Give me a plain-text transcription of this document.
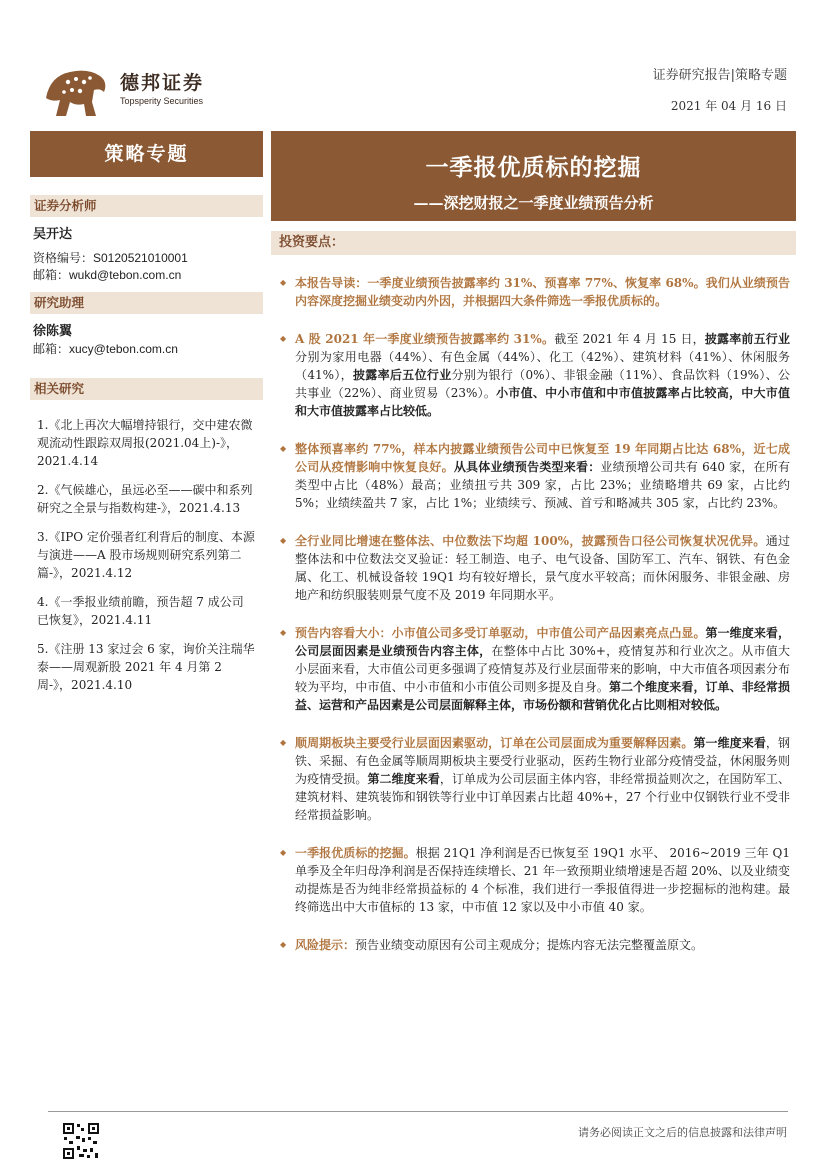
德邦证券
Topsperity Securities
证券研究报告|策略专题
2021 年 04 月 16 日
策略专题
证券分析师
吴开达
资格编号：S0120521010001
邮箱：wukd@tebon.com.cn
研究助理
徐陈翼
邮箱：xucy@tebon.com.cn
相关研究
1.《北上再次大幅增持银行，交中建农微观流动性跟踪双周报(2021.04上)-》，2021.4.14
2.《气候雄心，虽远必至——碳中和系列研究之全景与指数构建-》，2021.4.13
3.《IPO 定价强者红利背后的制度、本源与演进——A 股市场规则研究系列第二篇-》，2021.4.12
4.《一季报业绩前瞻，预告超 7 成公司已恢复》，2021.4.11
5.《注册 13 家过会 6 家，询价关注瑞华泰——周观新股 2021 年 4 月第 2 周-》，2021.4.10
一季报优质标的挖掘
——深挖财报之一季度业绩预告分析
投资要点：
◆ 本报告导读：一季度业绩预告披露率约 31%、预喜率 77%、恢复率 68%。我们从业绩预告内容深度挖掘业绩变动内外因，并根据四大条件筛选一季报优质标的。
◆ A 股 2021 年一季度业绩预告披露率约 31%。截至 2021 年 4 月 15 日，披露率前五行业分别为家用电器（44%）、有色金属（44%）、化工（42%）、建筑材料（41%）、休闲服务（41%），披露率后五位行业分别为银行（0%）、非银金融（11%）、食品饮料（19%）、公共事业（22%）、商业贸易（23%）。小市值、中小市值和中市值披露率占比较高，中大市值和大市值披露率占比较低。
◆ 整体预喜率约 77%，样本内披露业绩预告公司中已恢复至 19 年同期占比达 68%，近七成公司从疫情影响中恢复良好。从具体业绩预告类型来看：业绩预增公司共有 640 家，在所有类型中占比（48%）最高；业绩扭亏共 309 家，占比 23%；业绩略增共 69 家，占比约 5%；业绩续盈共 7 家，占比 1%；业绩续亏、预减、首亏和略减共 305 家，占比约 23%。
◆ 全行业同比增速在整体法、中位数法下均超 100%，披露预告口径公司恢复状况优异。通过整体法和中位数法交叉验证：轻工制造、电子、电气设备、国防军工、汽车、钢铁、有色金属、化工、机械设备较 19Q1 均有较好增长，景气度水平较高；而休闲服务、非银金融、房地产和纺织服装则景气度不及 2019 年同期水平。
◆ 预告内容看大小：小市值公司多受订单驱动，中市值公司产品因素亮点凸显。第一维度来看，公司层面因素是业绩预告内容主体，在整体中占比 30%+，疫情复苏和行业次之。从市值大小层面来看，大市值公司更多强调了疫情复苏及行业层面带来的影响，中大市值各项因素分布较为平均，中市值、中小市值和小市值公司则多提及自身。第二个维度来看，订单、非经常损益、运营和产品因素是公司层面解释主体，市场份额和营销优化占比则相对较低。
◆ 顺周期板块主要受行业层面因素驱动，订单在公司层面成为重要解释因素。第一维度来看，钢铁、采掘、有色金属等顺周期板块主要受行业驱动，医药生物行业部分疫情受益，休闲服务则为疫情受损。第二维度来看，订单成为公司层面主体内容，非经常损益则次之，在国防军工、建筑材料、建筑装饰和钢铁等行业中订单因素占比超 40%+，27 个行业中仅钢铁行业不受非经常损益影响。
◆ 一季报优质标的挖掘。根据 21Q1 净利润是否已恢复至 19Q1 水平、 2016~2019 三年 Q1 单季及全年归母净利润是否保持连续增长、21 年一致预期业绩增速是否超 20%、以及业绩变动提炼是否为纯非经常损益标的 4 个标准，我们进行一季报值得进一步挖掘标的池构建。最终筛选出中大市值标的 13 家，中市值 12 家以及中小市值 40 家。
◆ 风险提示：预告业绩变动原因有公司主观成分；提炼内容无法完整覆盖原文。
请务必阅读正文之后的信息披露和法律声明
